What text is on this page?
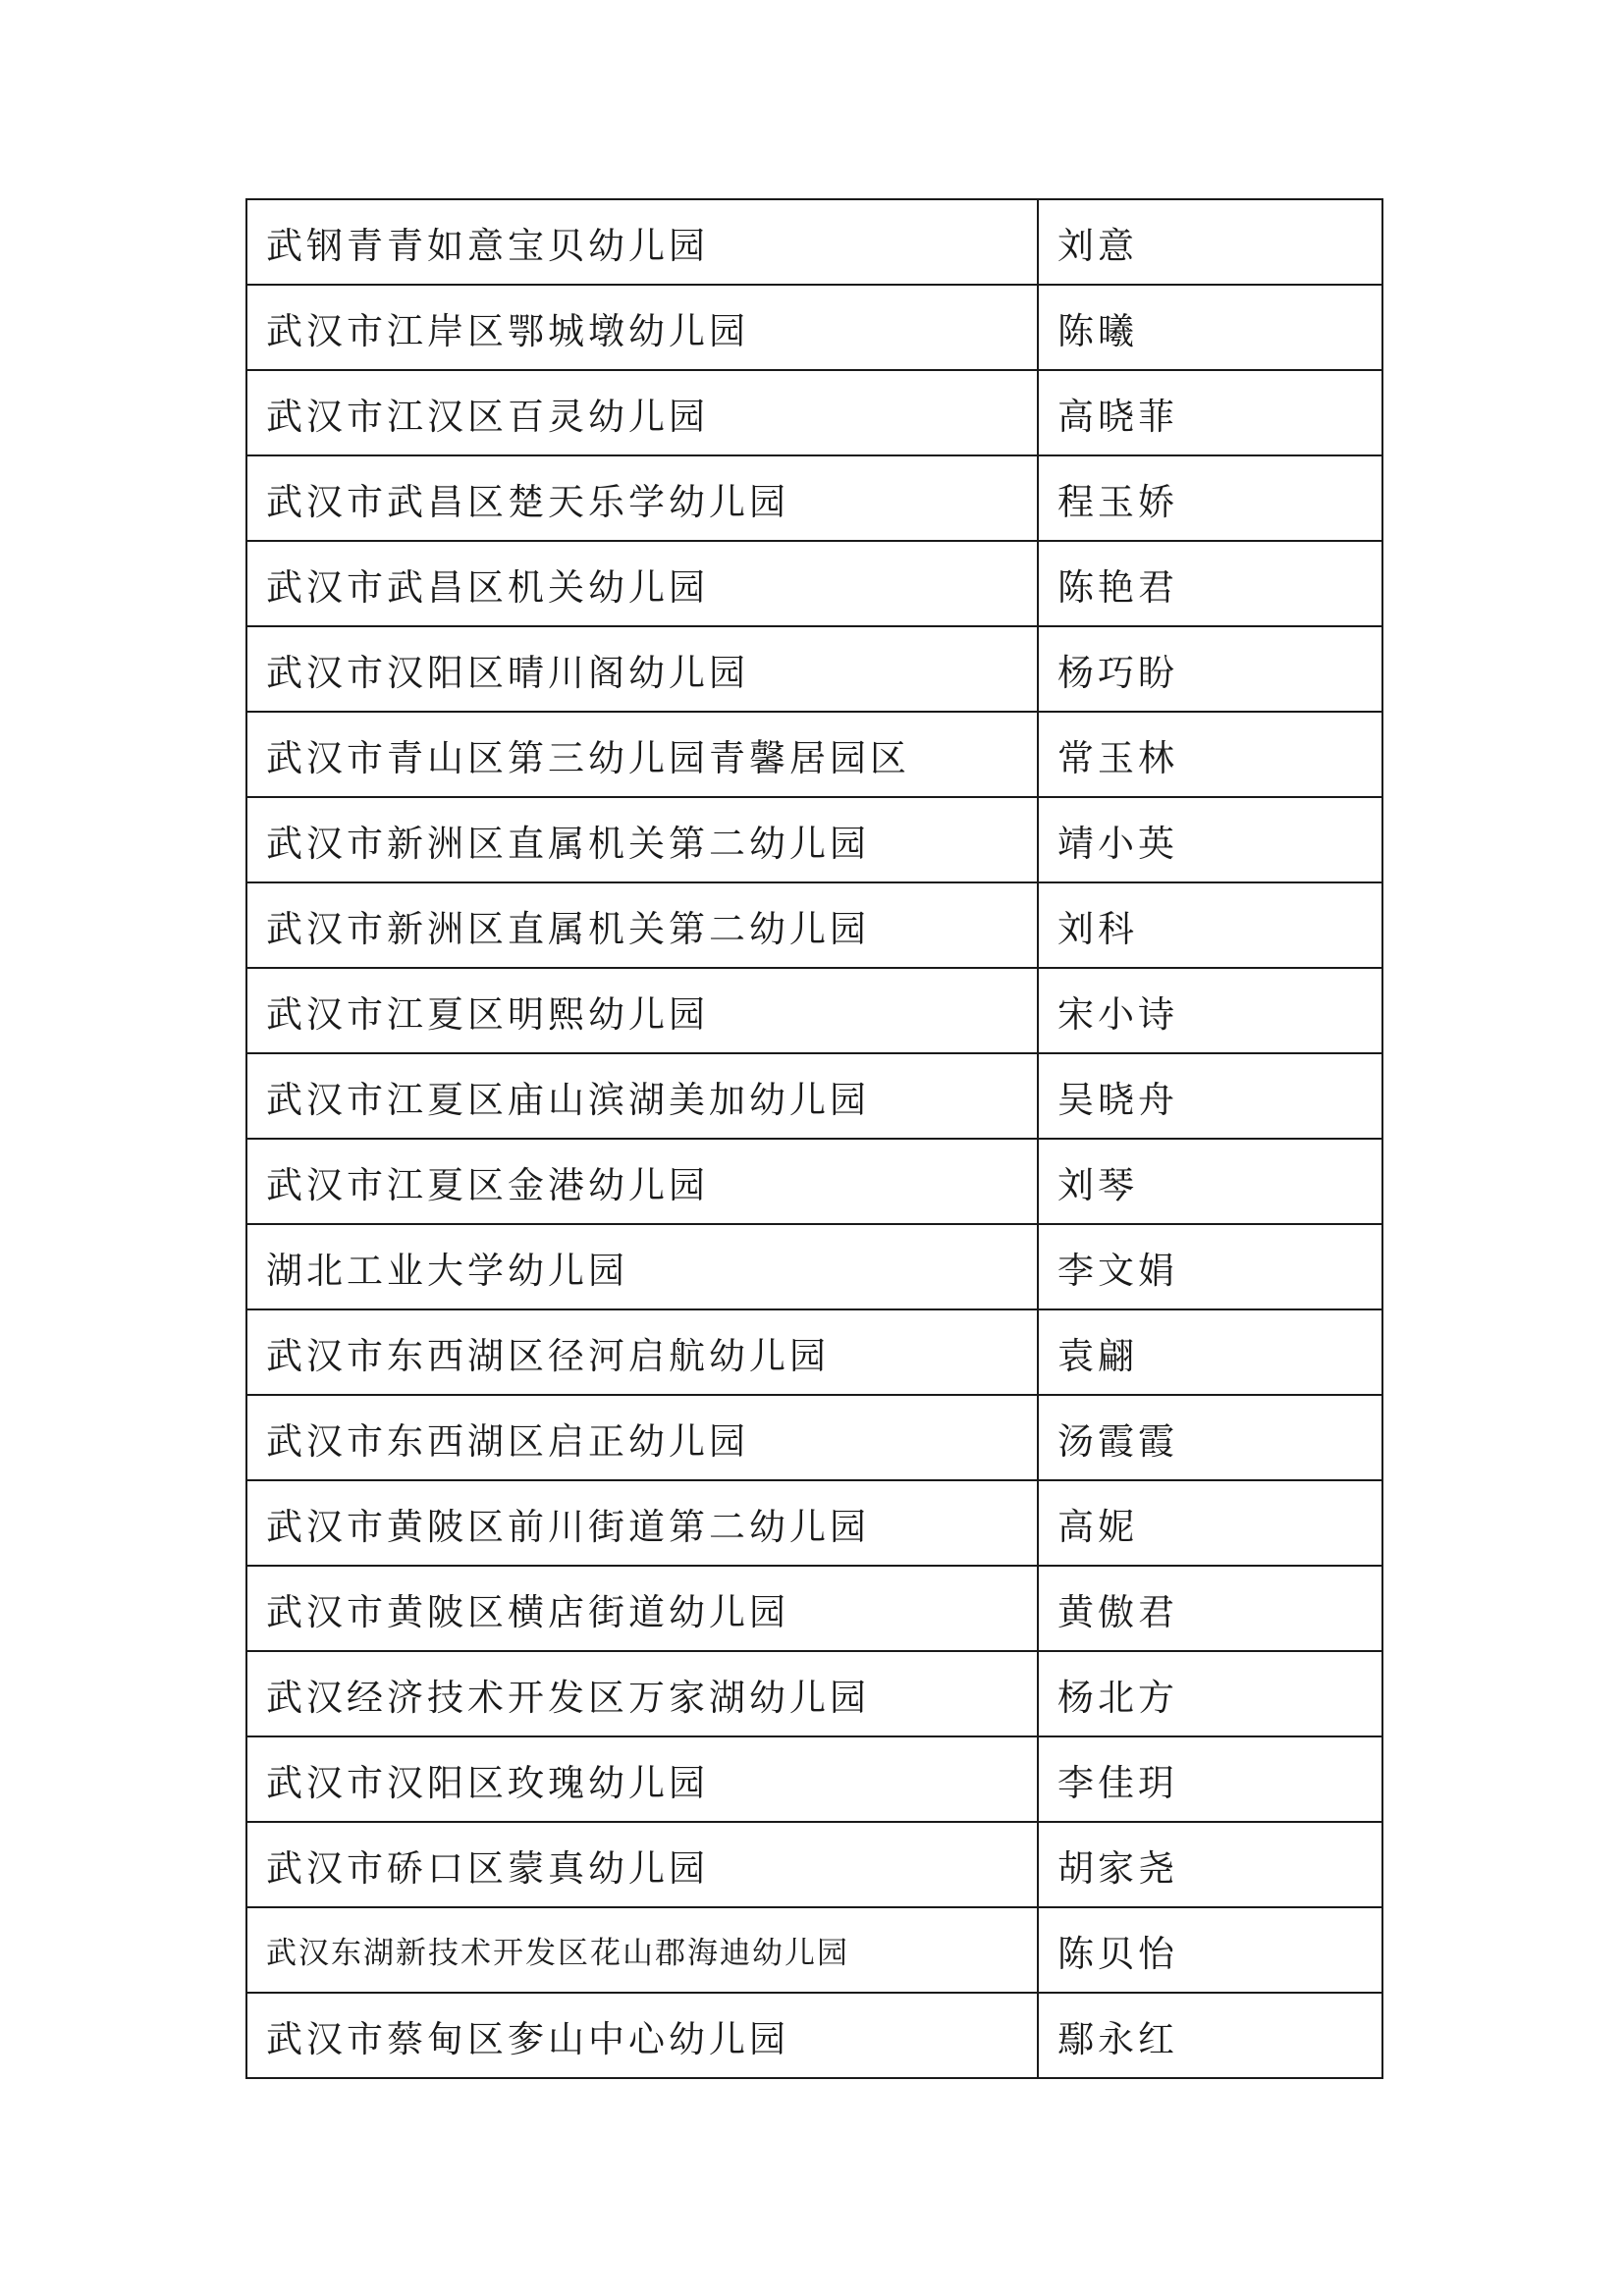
武钢青青如意宝贝幼儿园	刘意
武汉市江岸区鄂城墩幼儿园	陈曦
武汉市江汉区百灵幼儿园	高晓菲
武汉市武昌区楚天乐学幼儿园	程玉娇
武汉市武昌区机关幼儿园	陈艳君
武汉市汉阳区晴川阁幼儿园	杨巧盼
武汉市青山区第三幼儿园青馨居园区	常玉林
武汉市新洲区直属机关第二幼儿园	靖小英
武汉市新洲区直属机关第二幼儿园	刘科
武汉市江夏区明熙幼儿园	宋小诗
武汉市江夏区庙山滨湖美加幼儿园	吴晓舟
武汉市江夏区金港幼儿园	刘琴
湖北工业大学幼儿园	李文娟
武汉市东西湖区径河启航幼儿园	袁翩
武汉市东西湖区启正幼儿园	汤霞霞
武汉市黄陂区前川街道第二幼儿园	高妮
武汉市黄陂区横店街道幼儿园	黄傲君
武汉经济技术开发区万家湖幼儿园	杨北方
武汉市汉阳区玫瑰幼儿园	李佳玥
武汉市硚口区蒙真幼儿园	胡家尧
武汉东湖新技术开发区花山郡海迪幼儿园	陈贝怡
武汉市蔡甸区奓山中心幼儿园	鄢永红
